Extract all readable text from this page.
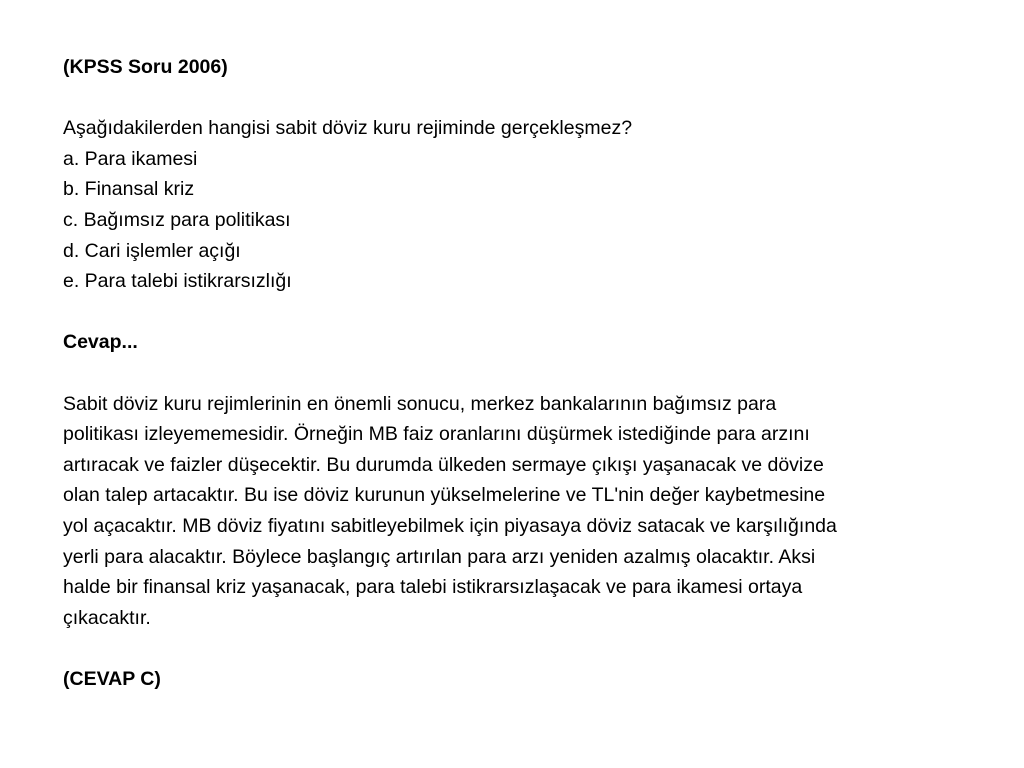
(KPSS Soru 2006)
Aşağıdakilerden hangisi sabit döviz kuru rejiminde gerçekleşmez?
a. Para ikamesi
b. Finansal kriz
c. Bağımsız para politikası
d. Cari işlemler açığı
e. Para talebi istikrarsızlığı
Cevap...
Sabit döviz kuru rejimlerinin en önemli sonucu, merkez bankalarının bağımsız para
politikası izleyememesidir. Örneğin MB faiz oranlarını düşürmek istediğinde para arzını
artıracak ve faizler düşecektir. Bu durumda ülkeden sermaye çıkışı yaşanacak ve dövize
olan talep artacaktır. Bu ise döviz kurunun yükselmelerine ve TL'nin değer kaybetmesine
yol açacaktır. MB döviz fiyatını sabitleyebilmek için piyasaya döviz satacak ve karşılığında
yerli para alacaktır. Böylece başlangıç artırılan para arzı yeniden azalmış olacaktır. Aksi
halde bir finansal kriz yaşanacak, para talebi istikrarsızlaşacak ve para ikamesi ortaya
çıkacaktır.
(CEVAP C)
